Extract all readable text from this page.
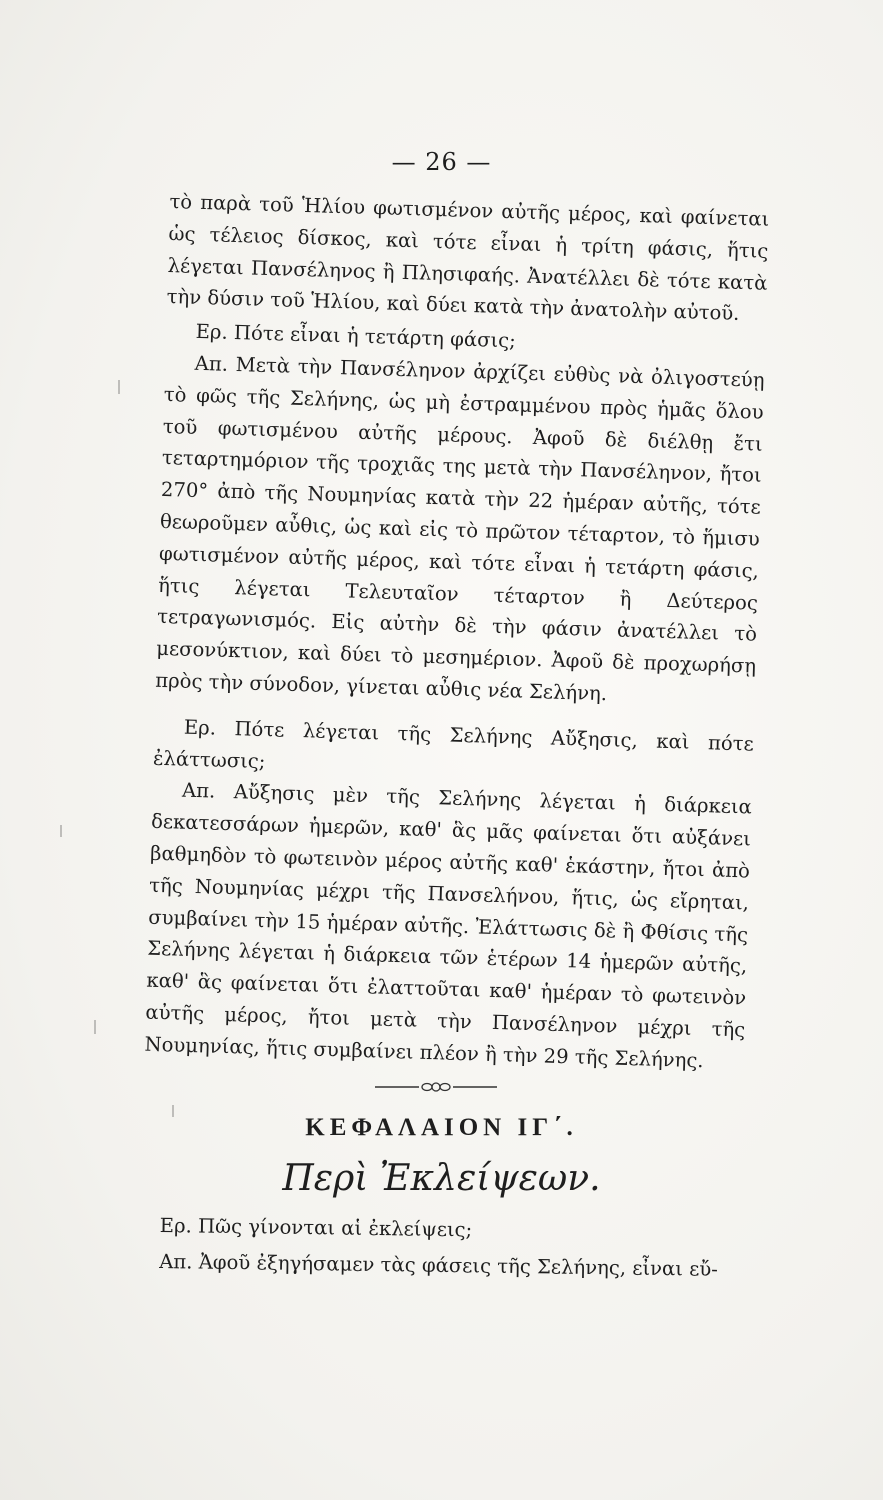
— 26 —

τὸ παρὰ τοῦ Ἡλίου φωτισμένον αὐτῆς μέρος, καὶ φαίνεται ὡς τέλειος δίσκος, καὶ τότε εἶναι ἡ τρίτη φάσις, ἥτις λέγεται Πανσέληνος ἢ Πλησιφαής. Ἀνατέλλει δὲ τότε κατὰ τὴν δύσιν τοῦ Ἡλίου, καὶ δύει κατὰ τὴν ἀνατολὴν αὐτοῦ.

Ερ. Πότε εἶναι ἡ τετάρτη φάσις;

Απ. Μετὰ τὴν Πανσέληνον ἀρχίζει εὐθὺς νὰ ὀλιγοστεύῃ τὸ φῶς τῆς Σελήνης, ὡς μὴ ἐστραμμένου πρὸς ἡμᾶς ὅλου τοῦ φωτισμένου αὐτῆς μέρους. Ἀφοῦ δὲ διέλθῃ ἔτι τεταρτημόριον τῆς τροχιᾶς της μετὰ τὴν Πανσέληνον, ἤτοι 270° ἀπὸ τῆς Νουμηνίας κατὰ τὴν 22 ἡμέραν αὐτῆς, τότε θεωροῦμεν αὖθις, ὡς καὶ εἰς τὸ πρῶτον τέταρτον, τὸ ἥμισυ φωτισμένον αὐτῆς μέρος, καὶ τότε εἶναι ἡ τετάρτη φάσις, ἥτις λέγεται Τελευταῖον τέταρτον ἢ Δεύτερος τετραγωνισμός. Εἰς αὐτὴν δὲ τὴν φάσιν ἀνατέλλει τὸ μεσονύκτιον, καὶ δύει τὸ μεσημέριον. Ἀφοῦ δὲ προχωρήσῃ πρὸς τὴν σύνοδον, γίνεται αὖθις νέα Σελήνη.

Ερ. Πότε λέγεται τῆς Σελήνης Αὔξησις, καὶ πότε ἐλάττωσις;

Απ. Αὔξησις μὲν τῆς Σελήνης λέγεται ἡ διάρκεια δεκατεσσάρων ἡμερῶν, καθ' ἃς μᾶς φαίνεται ὅτι αὐξάνει βαθμηδὸν τὸ φωτεινὸν μέρος αὐτῆς καθ' ἑκάστην, ἤτοι ἀπὸ τῆς Νουμηνίας μέχρι τῆς Πανσελήνου, ἥτις, ὡς εἴρηται, συμβαίνει τὴν 15 ἡμέραν αὐτῆς. Ἐλάττωσις δὲ ἢ Φθίσις τῆς Σελήνης λέγεται ἡ διάρκεια τῶν ἑτέρων 14 ἡμερῶν αὐτῆς, καθ' ἃς φαίνεται ὅτι ἐλαττοῦται καθ' ἡμέραν τὸ φωτεινὸν αὐτῆς μέρος, ἤτοι μετὰ τὴν Πανσέληνον μέχρι τῆς Νουμηνίας, ἥτις συμβαίνει πλέον ἢ τὴν 29 τῆς Σελήνης.

ΚΕΦΑΛΑΙΟΝ ΙΓ΄.
Περὶ Ἐκλείψεων.

Ερ. Πῶς γίνονται αἱ ἐκλείψεις;

Απ. Ἀφοῦ ἐξηγήσαμεν τὰς φάσεις τῆς Σελήνης, εἶναι εὔ-
